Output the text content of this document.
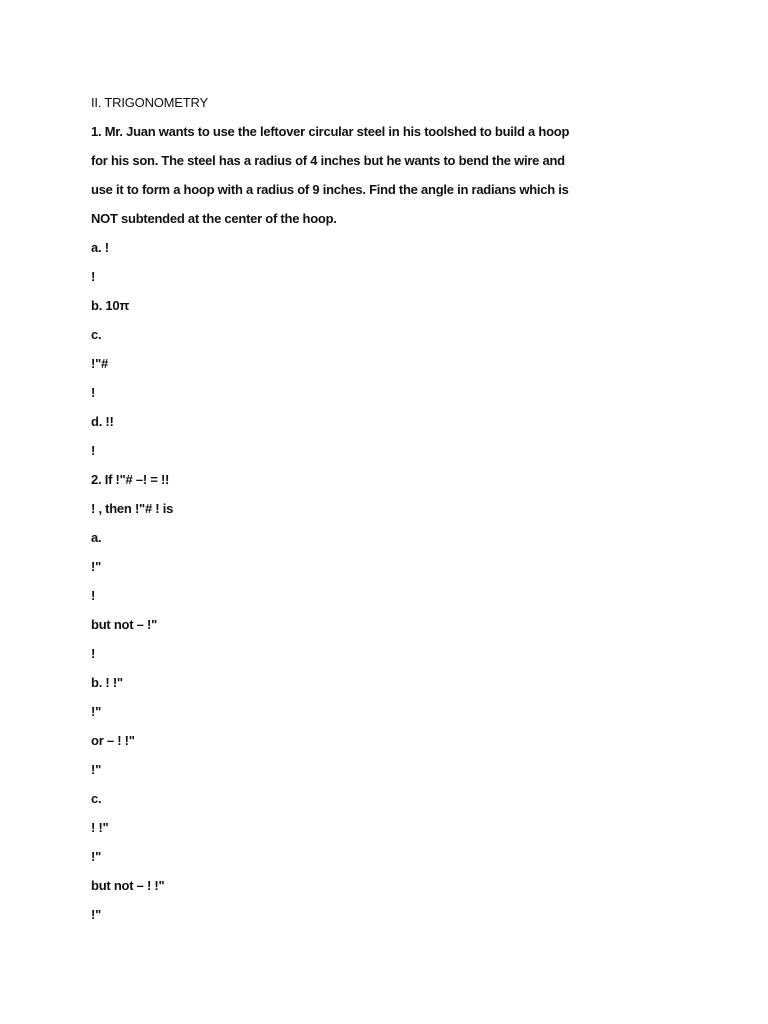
II. TRIGONOMETRY

1. Mr. Juan wants to use the leftover circular steel in his toolshed to build a hoop

for his son. The steel has a radius of 4 inches but he wants to bend the wire and

use it to form a hoop with a radius of 9 inches. Find the angle in radians which is

NOT subtended at the center of the hoop.

a. !

!

b. 10π

c.

!"#

!

d. !!

!

2. If !"# –! = !!

! , then !"# ! is

a.

!"

!

but not – !"

!

b. ! !"

!"

or – ! !"

!"

c.

! !"

!"

but not – ! !"

!"
